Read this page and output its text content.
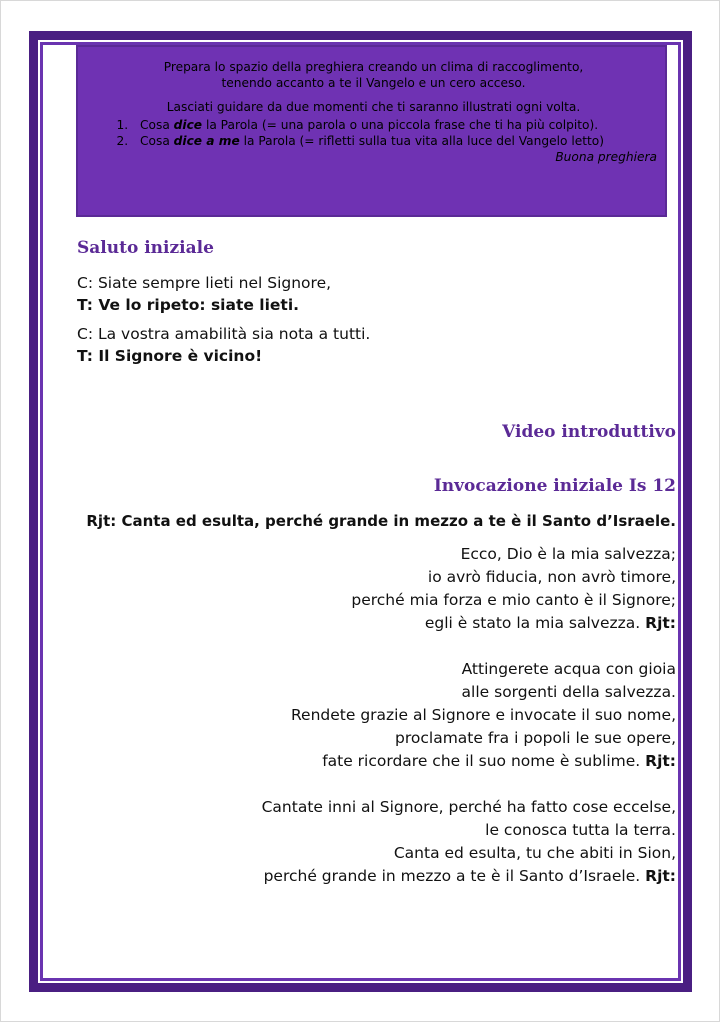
Prepara lo spazio della preghiera creando un clima di raccoglimento,
tenendo accanto a te il Vangelo e un cero acceso.
Lasciati guidare da due momenti che ti saranno illustrati ogni volta.
1. Cosa dice la Parola (= una parola o una piccola frase che ti ha più colpito).
2. Cosa dice a me la Parola (= rifletti sulla tua vita alla luce del Vangelo letto)
Buona preghiera
Saluto iniziale
C: Siate sempre lieti nel Signore,
T: Ve lo ripeto: siate lieti.
C: La vostra amabilità sia nota a tutti.
T: Il Signore è vicino!
Video introduttivo
Invocazione iniziale Is 12
Rjt: Canta ed esulta, perché grande in mezzo a te è il Santo d’Israele.
Ecco, Dio è la mia salvezza;
io avrò fiducia, non avrò timore,
perché mia forza e mio canto è il Signore;
egli è stato la mia salvezza. Rjt:
Attingerete acqua con gioia
alle sorgenti della salvezza.
Rendete grazie al Signore e invocate il suo nome,
proclamate fra i popoli le sue opere,
fate ricordare che il suo nome è sublime. Rjt:
Cantate inni al Signore, perché ha fatto cose eccelse,
le conosca tutta la terra.
Canta ed esulta, tu che abiti in Sion,
perché grande in mezzo a te è il Santo d’Israele. Rjt:
